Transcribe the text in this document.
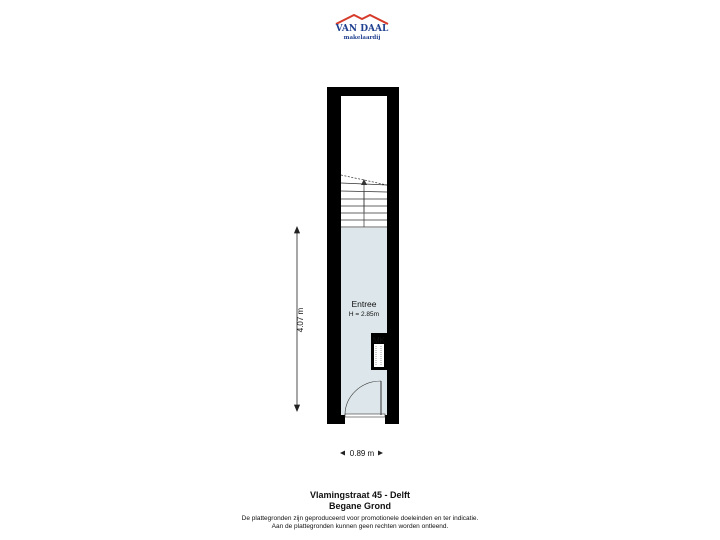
VAN DAAL
makelaardij
MK
Entree
H = 2.85m
4.07 m
0.89 m
Vlamingstraat 45 - Delft
Begane Grond
De plattegronden zijn geproduceerd voor promotionele doeleinden en ter indicatie.
Aan de plattegronden kunnen geen rechten worden ontleend.
